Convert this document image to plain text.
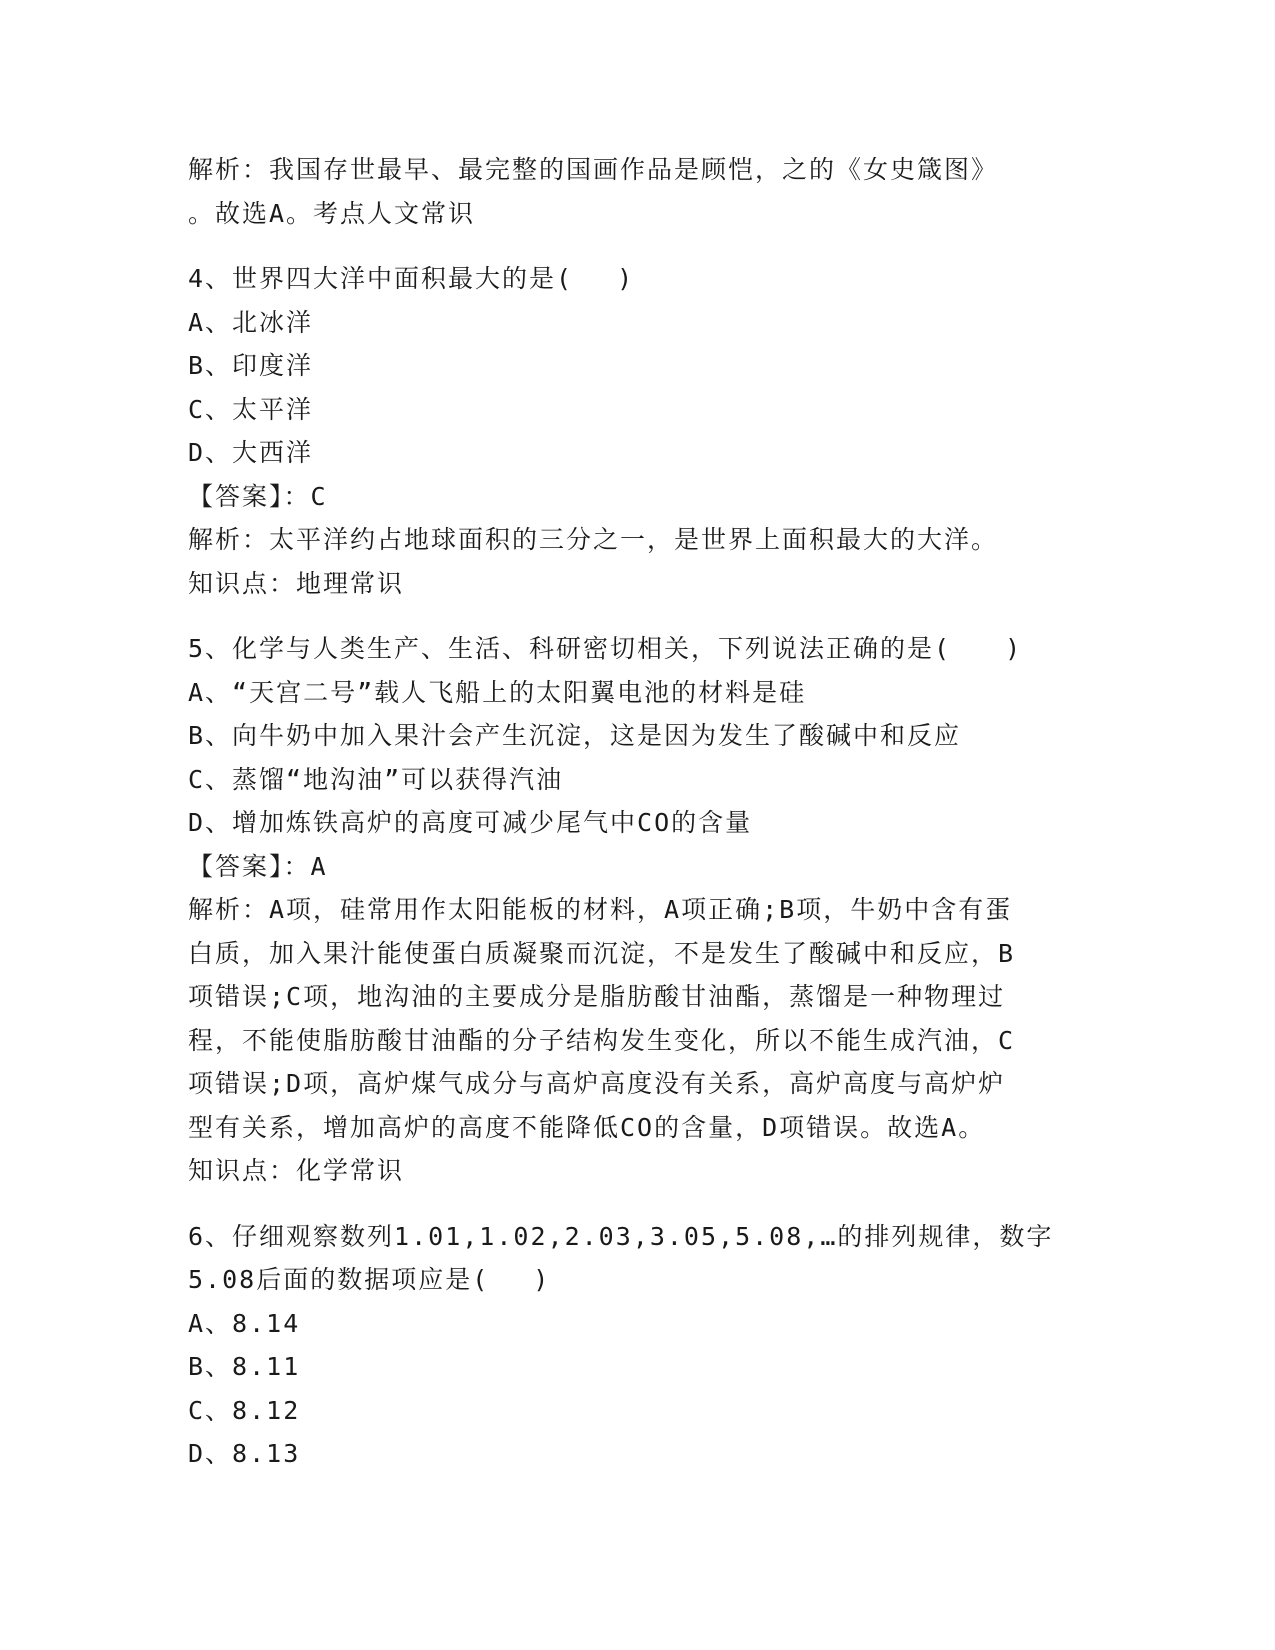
解析：我国存世最早、最完整的国画作品是顾恺，之的《女史箴图》
。故选A。考点人文常识
4、世界四大洋中面积最大的是(　 )
A、北冰洋
B、印度洋
C、太平洋
D、大西洋
【答案】：C
解析：太平洋约占地球面积的三分之一，是世界上面积最大的大洋。
知识点：地理常识
5、化学与人类生产、生活、科研密切相关，下列说法正确的是(　　)
A、“天宫二号”载人飞船上的太阳翼电池的材料是硅
B、向牛奶中加入果汁会产生沉淀，这是因为发生了酸碱中和反应
C、蒸馏“地沟油”可以获得汽油
D、增加炼铁高炉的高度可减少尾气中CO的含量
【答案】：A
解析：A项，硅常用作太阳能板的材料，A项正确;B项，牛奶中含有蛋
白质，加入果汁能使蛋白质凝聚而沉淀，不是发生了酸碱中和反应，B
项错误;C项，地沟油的主要成分是脂肪酸甘油酯，蒸馏是一种物理过
程，不能使脂肪酸甘油酯的分子结构发生变化，所以不能生成汽油，C
项错误;D项，高炉煤气成分与高炉高度没有关系，高炉高度与高炉炉
型有关系，增加高炉的高度不能降低CO的含量，D项错误。故选A。
知识点：化学常识
6、仔细观察数列1.01,1.02,2.03,3.05,5.08,…的排列规律，数字
5.08后面的数据项应是(　 )
A、8.14
B、8.11
C、8.12
D、8.13
